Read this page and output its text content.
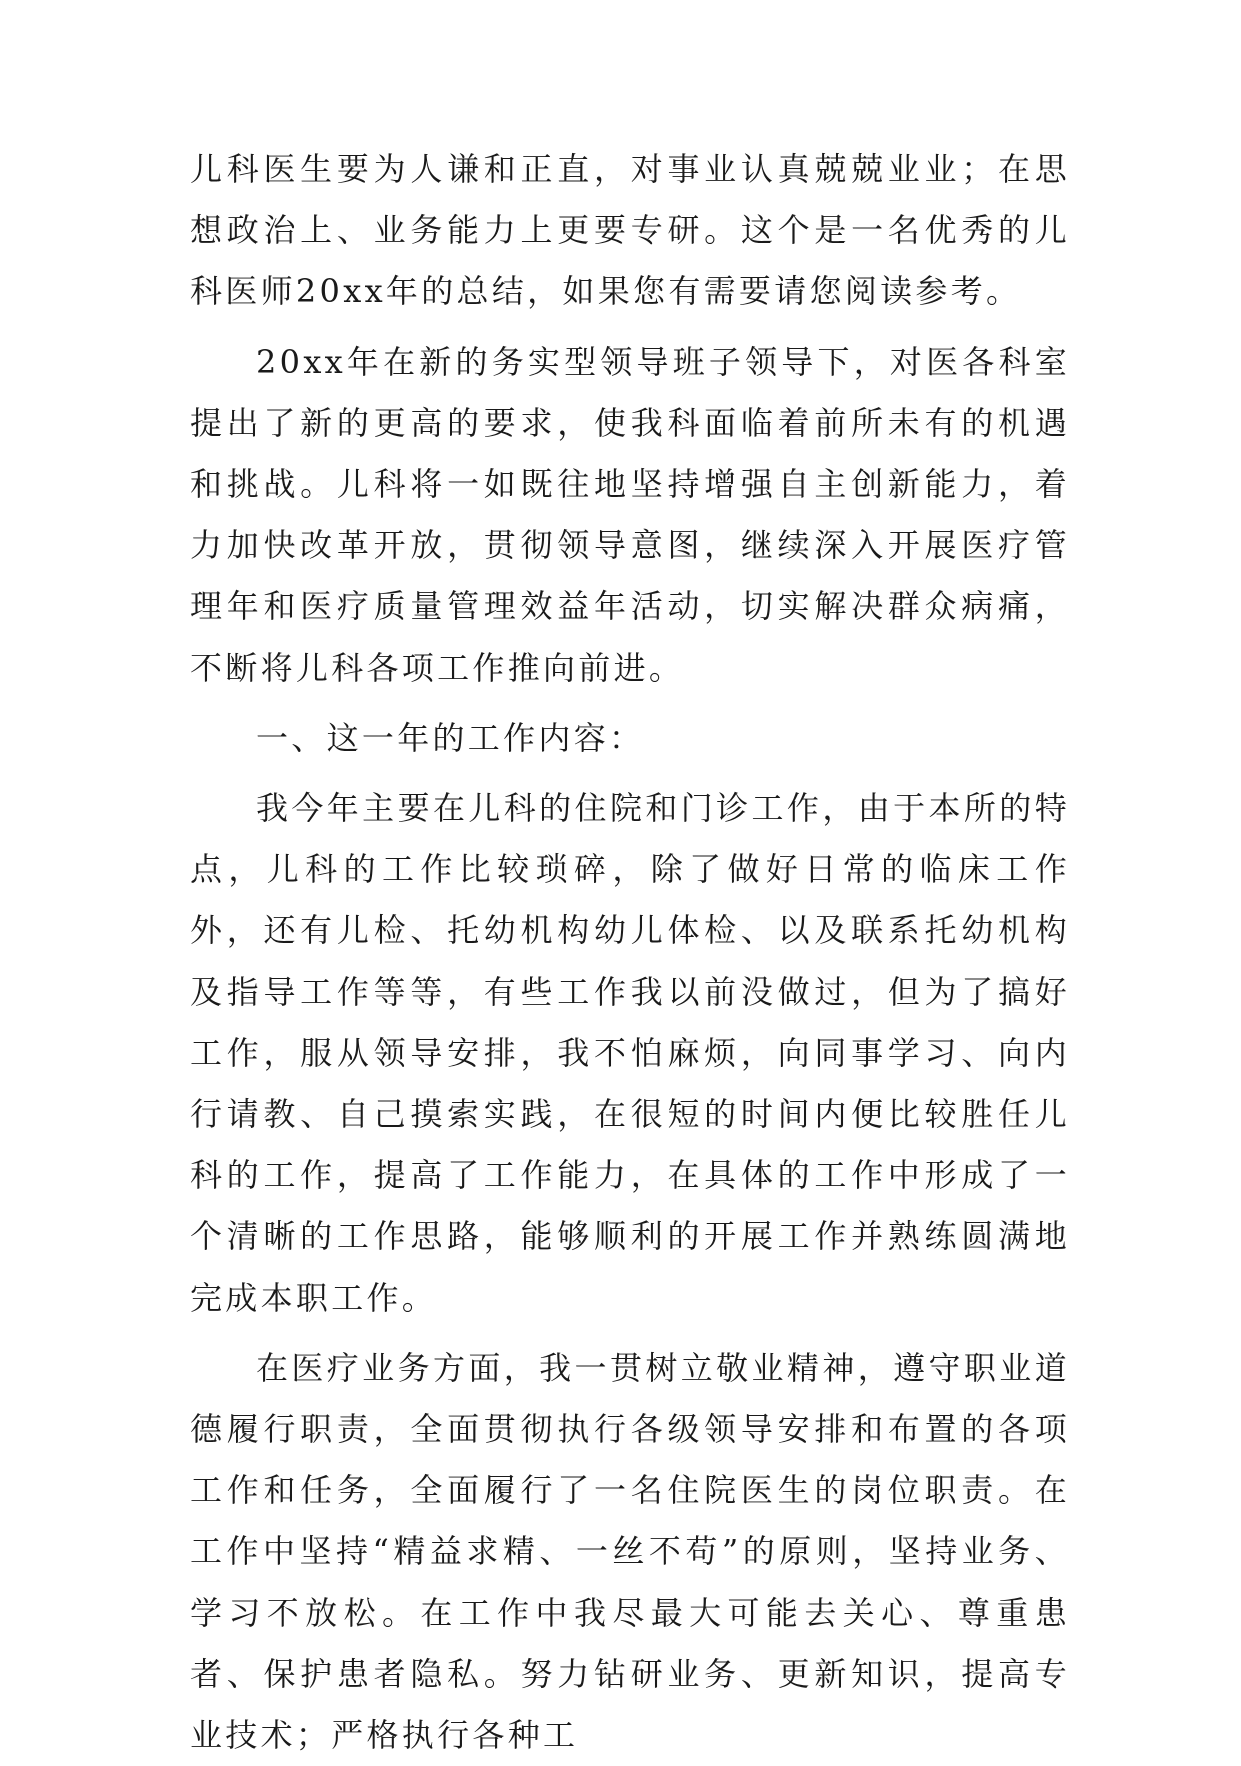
儿科医生要为人谦和正直，对事业认真兢兢业业；在思想政治上、业务能力上更要专研。这个是一名优秀的儿科医师20xx年的总结，如果您有需要请您阅读参考。

20xx年在新的务实型领导班子领导下，对医各科室提出了新的更高的要求，使我科面临着前所未有的机遇和挑战。儿科将一如既往地坚持增强自主创新能力，着力加快改革开放，贯彻领导意图，继续深入开展医疗管理年和医疗质量管理效益年活动，切实解决群众病痛，不断将儿科各项工作推向前进。

一、这一年的工作内容：

我今年主要在儿科的住院和门诊工作，由于本所的特点，儿科的工作比较琐碎，除了做好日常的临床工作外，还有儿检、托幼机构幼儿体检、以及联系托幼机构及指导工作等等，有些工作我以前没做过，但为了搞好工作，服从领导安排，我不怕麻烦，向同事学习、向内行请教、自己摸索实践，在很短的时间内便比较胜任儿科的工作，提高了工作能力，在具体的工作中形成了一个清晰的工作思路，能够顺利的开展工作并熟练圆满地完成本职工作。

在医疗业务方面，我一贯树立敬业精神，遵守职业道德履行职责，全面贯彻执行各级领导安排和布置的各项工作和任务，全面履行了一名住院医生的岗位职责。在工作中坚持“精益求精、一丝不苟”的原则，坚持业务、学习不放松。在工作中我尽最大可能去关心、尊重患者、保护患者隐私。努力钻研业务、更新知识，提高专业技术；严格执行各种工
